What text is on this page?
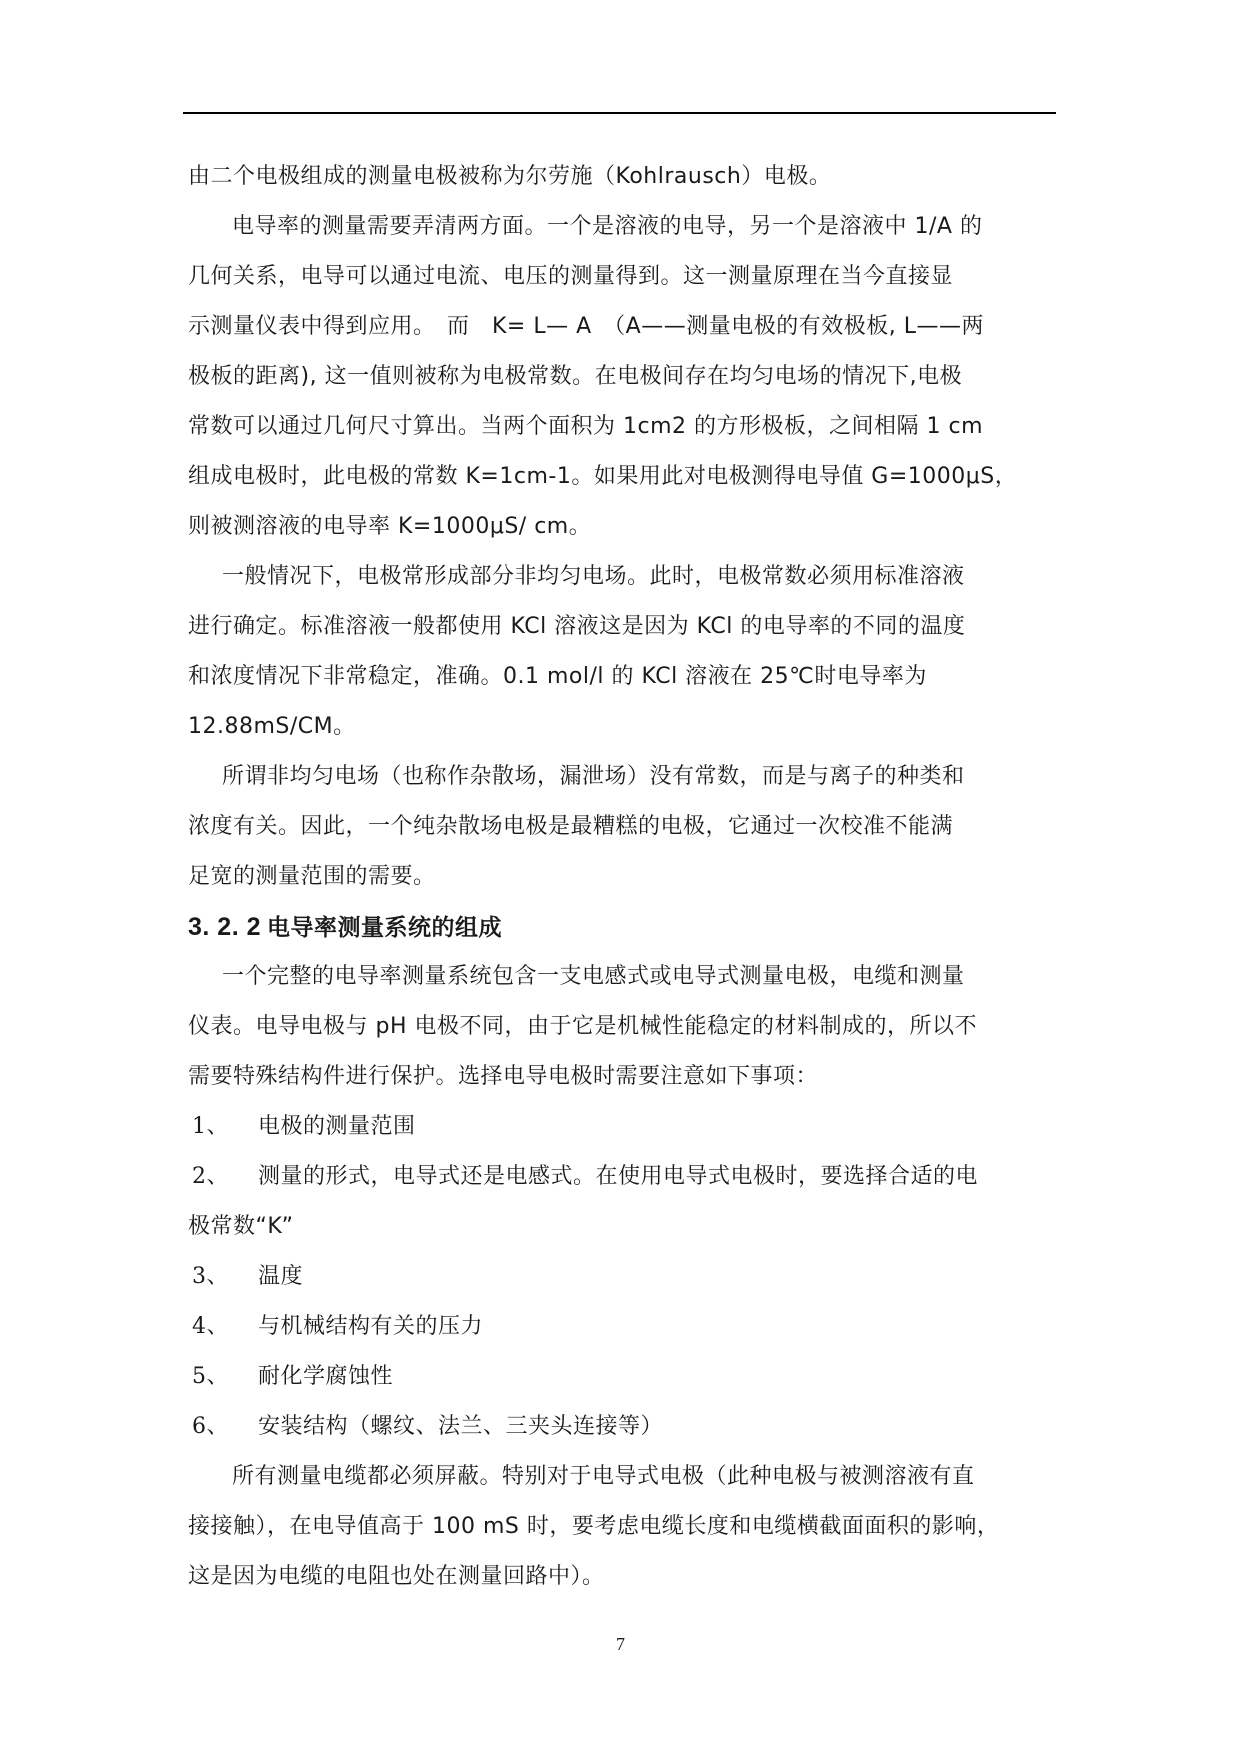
由二个电极组成的测量电极被称为尔劳施（Kohlrausch）电极。
电导率的测量需要弄清两方面。一个是溶液的电导，另一个是溶液中 1/A 的
几何关系，电导可以通过电流、电压的测量得到。这一测量原理在当今直接显
示测量仪表中得到应用。　而　K= L— A　（A——测量电极的有效极板, L——两
极板的距离), 这一值则被称为电极常数。在电极间存在均匀电场的情况下,电极
常数可以通过几何尺寸算出。当两个面积为 1cm2 的方形极板，之间相隔 1 cm
组成电极时，此电极的常数 K=1cm-1。如果用此对电极测得电导值 G=1000μS，
则被测溶液的电导率 K=1000μS/ cm。
一般情况下，电极常形成部分非均匀电场。此时，电极常数必须用标准溶液
进行确定。标准溶液一般都使用 KCl 溶液这是因为 KCl 的电导率的不同的温度
和浓度情况下非常稳定，准确。0.1 mol/l 的 KCl 溶液在 25℃时电导率为
12.88mS/CM。
所谓非均匀电场（也称作杂散场，漏泄场）没有常数，而是与离子的种类和
浓度有关。因此，一个纯杂散场电极是最糟糕的电极，它通过一次校准不能满
足宽的测量范围的需要。
3. 2. 2 电导率测量系统的组成
一个完整的电导率测量系统包含一支电感式或电导式测量电极，电缆和测量
仪表。电导电极与 pH 电极不同，由于它是机械性能稳定的材料制成的，所以不
需要特殊结构件进行保护。选择电导电极时需要注意如下事项：
1、 电极的测量范围
2、 测量的形式，电导式还是电感式。在使用电导式电极时，要选择合适的电
极常数“K”
3、 温度
4、 与机械结构有关的压力
5、 耐化学腐蚀性
6、 安装结构（螺纹、法兰、三夹头连接等）
所有测量电缆都必须屏蔽。特别对于电导式电极（此种电极与被测溶液有直
接接触），在电导值高于 100 mS 时，要考虑电缆长度和电缆横截面面积的影响，
这是因为电缆的电阻也处在测量回路中）。
7
